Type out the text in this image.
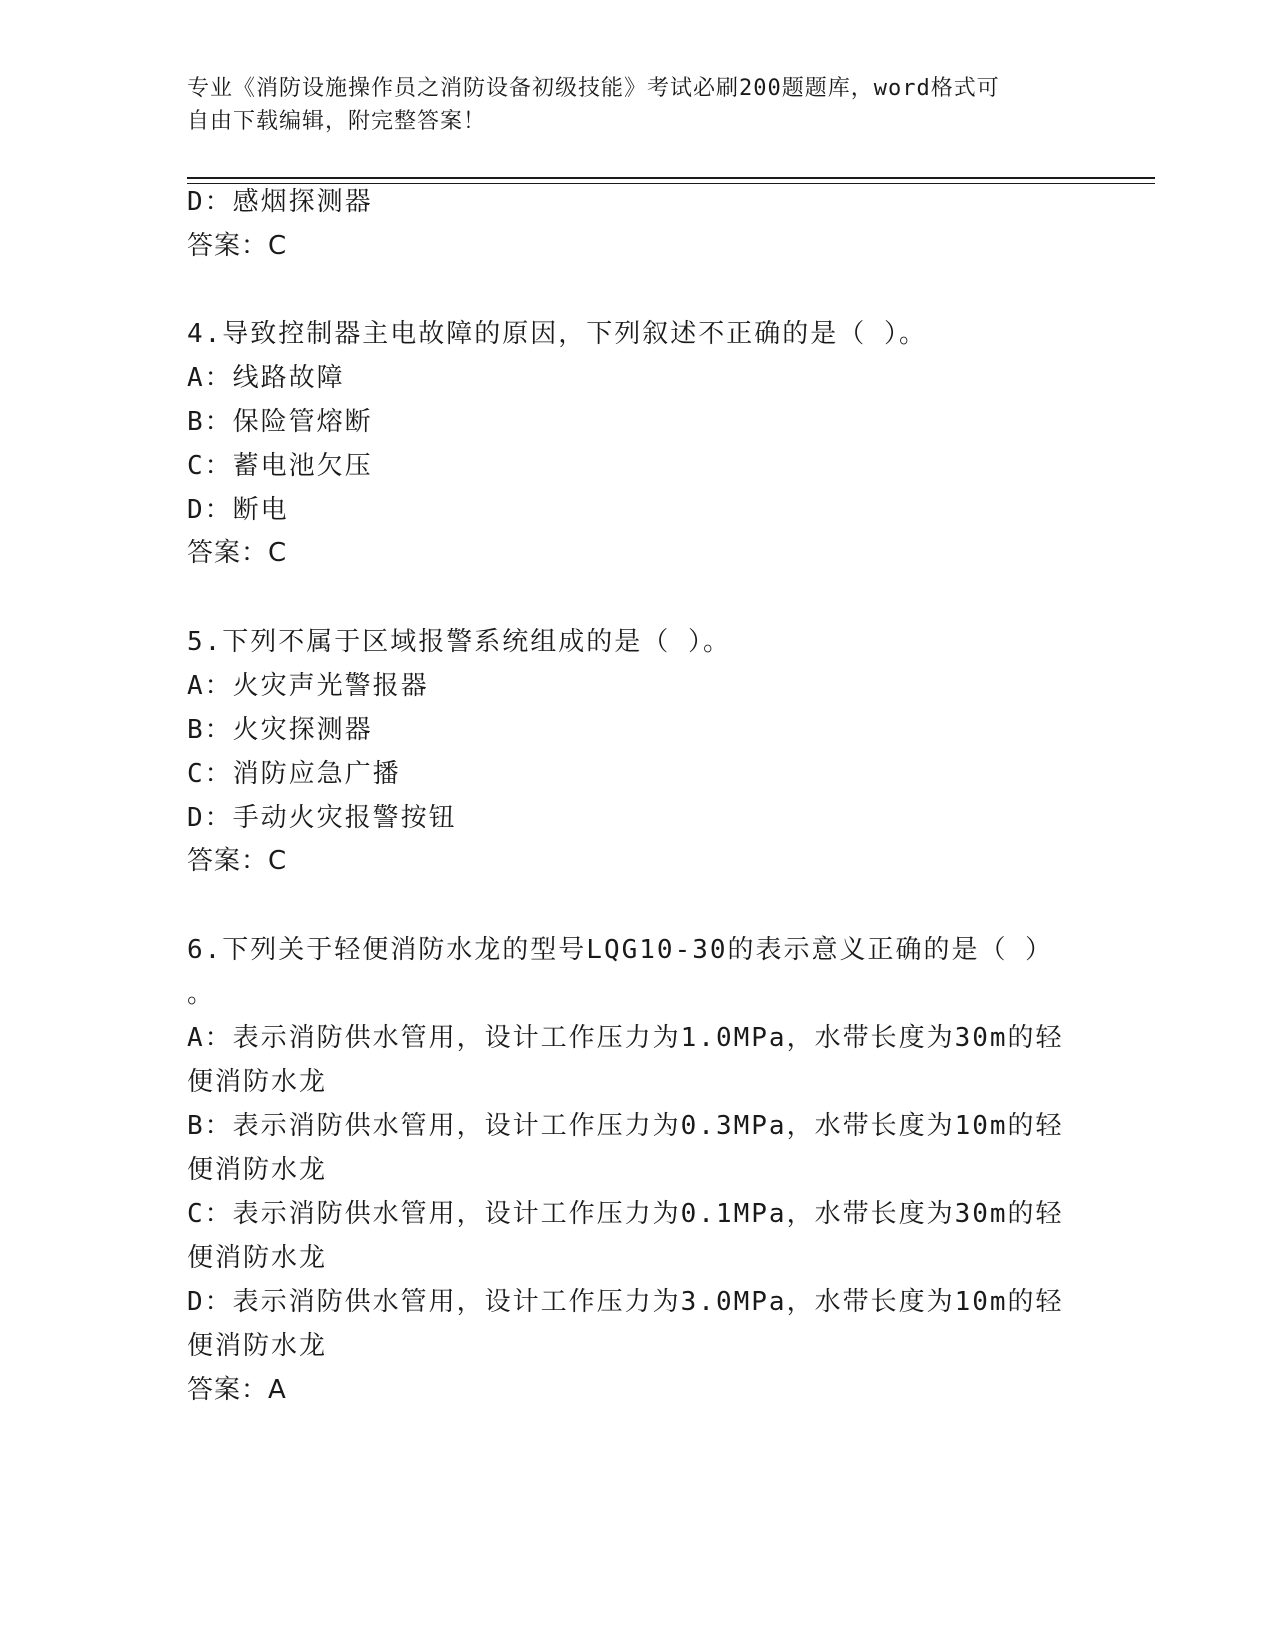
专业《消防设施操作员之消防设备初级技能》考试必刷200题题库，word格式可
自由下载编辑，附完整答案！
D：感烟探测器
答案：C
4.导致控制器主电故障的原因，下列叙述不正确的是（ ）。
A：线路故障
B：保险管熔断
C：蓄电池欠压
D：断电
答案：C
5.下列不属于区域报警系统组成的是（ ）。
A：火灾声光警报器
B：火灾探测器
C：消防应急广播
D：手动火灾报警按钮
答案：C
6.下列关于轻便消防水龙的型号LQG10-30的表示意义正确的是（ ）
。
A：表示消防供水管用，设计工作压力为1.0MPa，水带长度为30m的轻
便消防水龙
B：表示消防供水管用，设计工作压力为0.3MPa，水带长度为10m的轻
便消防水龙
C：表示消防供水管用，设计工作压力为0.1MPa，水带长度为30m的轻
便消防水龙
D：表示消防供水管用，设计工作压力为3.0MPa，水带长度为10m的轻
便消防水龙
答案：A
